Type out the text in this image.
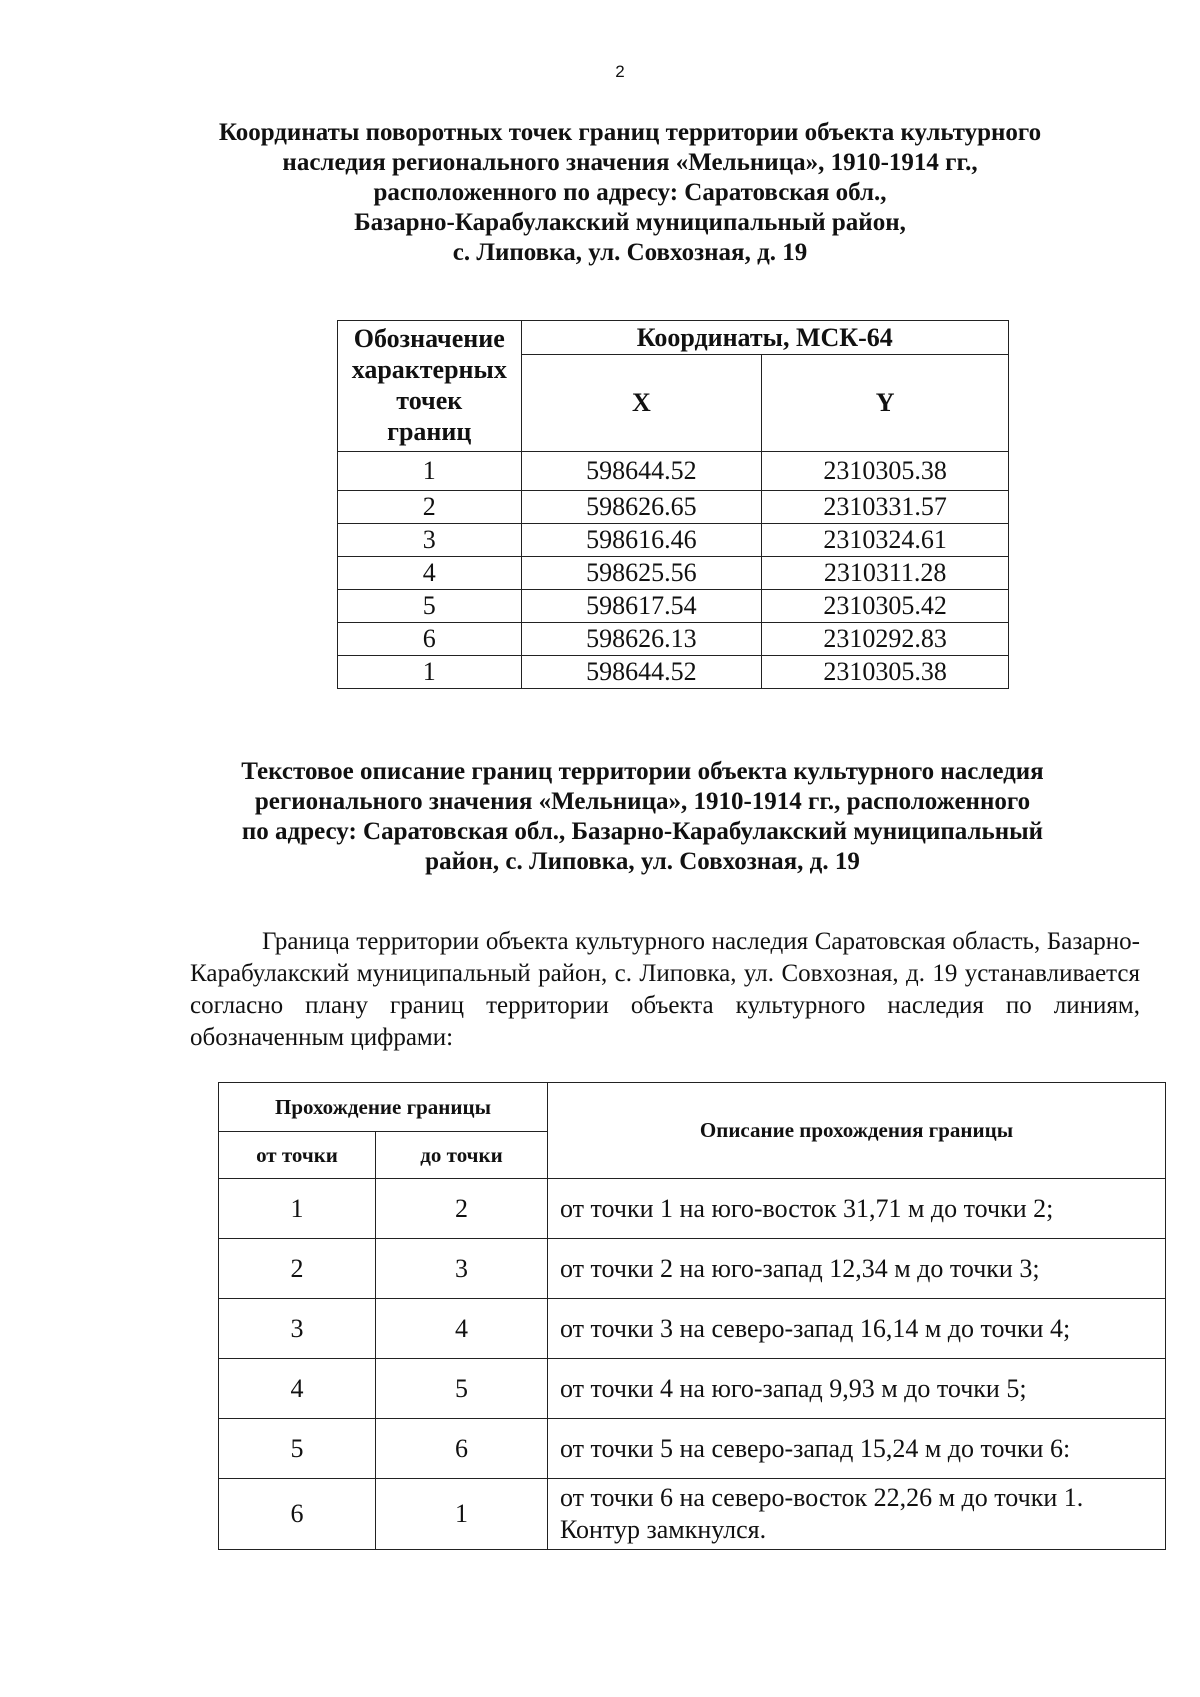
2
Координаты поворотных точек границ территории объекта культурного
наследия регионального значения «Мельница», 1910-1914 гг.,
расположенного по адресу: Саратовская обл.,
Базарно-Карабулакский муниципальный район,
с. Липовка, ул. Совхозная, д. 19
Обозначение
характерных
точек
границ	Координаты, МСК-64	
	X	Y
1	598644.52	2310305.38
2	598626.65	2310331.57
3	598616.46	2310324.61
4	598625.56	2310311.28
5	598617.54	2310305.42
6	598626.13	2310292.83
1	598644.52	2310305.38
Текстовое описание границ территории объекта культурного наследия
регионального значения «Мельница», 1910-1914 гг., расположенного
по адресу: Саратовская обл., Базарно-Карабулакский муниципальный
район, с. Липовка, ул. Совхозная, д. 19

Граница территории объекта культурного наследия Саратовская область, Базарно-Карабулакский муниципальный район, с. Липовка, ул. Совхозная, д. 19 устанавливается согласно плану границ территории объекта культурного наследия по линиям, обозначенным цифрами:

Прохождение границы		Описание прохождения границы
от точки	до точки	
1	2	от точки 1 на юго-восток 31,71 м до точки 2;
2	3	от точки 2 на юго-запад 12,34 м до точки 3;
3	4	от точки 3 на северо-запад 16,14 м до точки 4;
4	5	от точки 4 на юго-запад 9,93 м до точки 5;
5	6	от точки 5 на северо-запад 15,24 м до точки 6:
6	1	от точки 6 на северо-восток 22,26 м до точки 1. Контур замкнулся.
